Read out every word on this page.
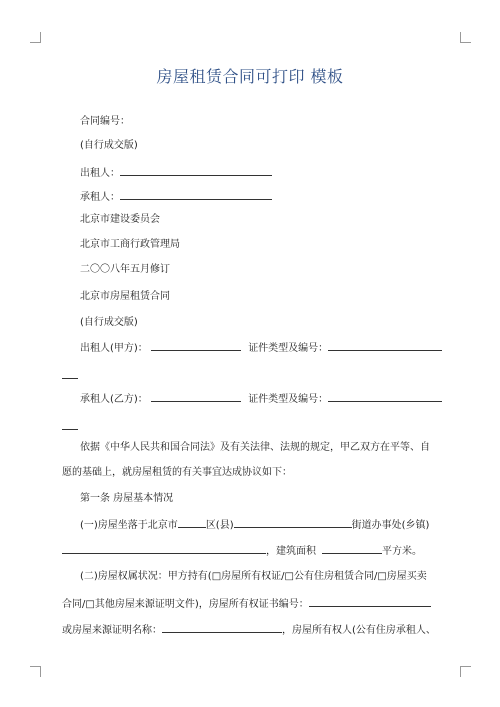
房屋租赁合同可打印 模板
合同编号：
(自行成交版)
出租人：
承租人：
北京市建设委员会
北京市工商行政管理局
二〇〇八年五月修订
北京市房屋租赁合同
(自行成交版)
出租人(甲方)：	证件类型及编号：
承租人(乙方)：	证件类型及编号：
依据《中华人民共和国合同法》及有关法律、法规的规定，甲乙双方在平等、自
愿的基础上，就房屋租赁的有关事宜达成协议如下：
第一条 房屋基本情况
(一)房屋坐落于北京市	区(县)	街道办事处(乡镇)
，建筑面积	平方米。
(二)房屋权属状况：甲方持有(□房屋所有权证/□公有住房租赁合同/□房屋买卖
合同/□其他房屋来源证明文件)，房屋所有权证书编号：
或房屋来源证明名称：	，房屋所有权人(公有住房承租人、
